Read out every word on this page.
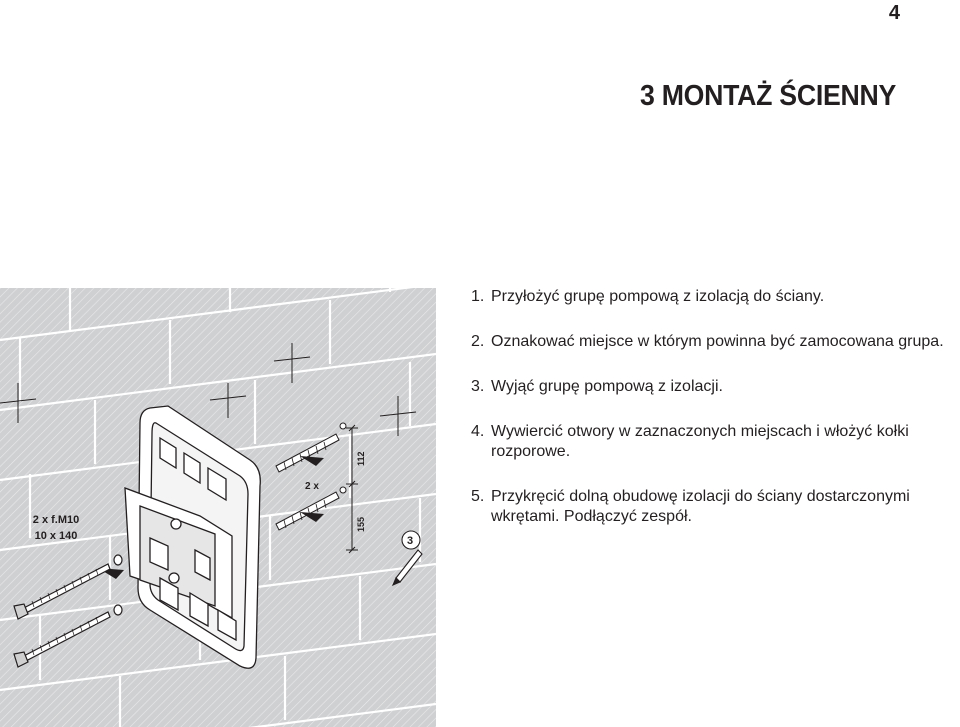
4
3 MONTAŻ ŚCIENNY
1. Przyłożyć grupę pompową z izolacją do ściany.
2. Oznakować miejsce w którym powinna być zamocowana grupa.
3. Wyjąć grupę pompową z izolacji.
4. Wywiercić otwory w zaznaczonych miejscach i włożyć kołki rozporowe.
5. Przykręcić dolną obudowę izolacji do ściany dostarczonymi wkrętami. Podłączyć zespół.
2 x
112
155
3
2 x f.M10
10 x 140
